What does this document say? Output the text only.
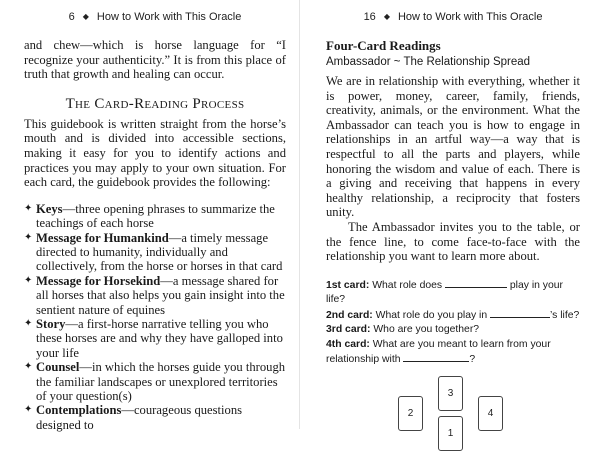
6 ◆ How to Work with This Oracle

and chew—which is horse language for “I recognize your authenticity.” It is from this place of truth that growth and healing can occur.

The Card-Reading Process

This guidebook is written straight from the horse’s mouth and is divided into accessible sections, making it easy for you to identify actions and practices you may apply to your own situation. For each card, the guidebook provides the following:

✦ Keys—three opening phrases to summarize the teachings of each horse
✦ Message for Humankind—a timely message directed to humanity, individually and collectively, from the horse or horses in that card
✦ Message for Horsekind—a message shared for all horses that also helps you gain insight into the sentient nature of equines
✦ Story—a first-horse narrative telling you who these horses are and why they have galloped into your life
✦ Counsel—in which the horses guide you through the familiar landscapes or unexplored territories of your question(s)
✦ Contemplations—courageous questions designed to
16 ◆ How to Work with This Oracle
Four-Card Readings
Ambassador ~ The Relationship Spread

We are in relationship with everything, whether it is power, money, career, family, friends, creativity, animals, or the environment. What the Ambassador can teach you is how to engage in relationships in an artful way—a way that is respectful to all the parts and players, while honoring the wisdom and value of each. There is a giving and receiving that happens in every healthy relationship, a reciprocity that fosters unity.

The Ambassador invites you to the table, or the fence line, to come face-to-face with the relationship you want to learn more about.

1st card: What role does	play in your life?
2nd card: What role do you play in	’s life?
3rd card: Who are you together?
4th card: What are you meant to learn from your relationship with	?
3
2	4
1
